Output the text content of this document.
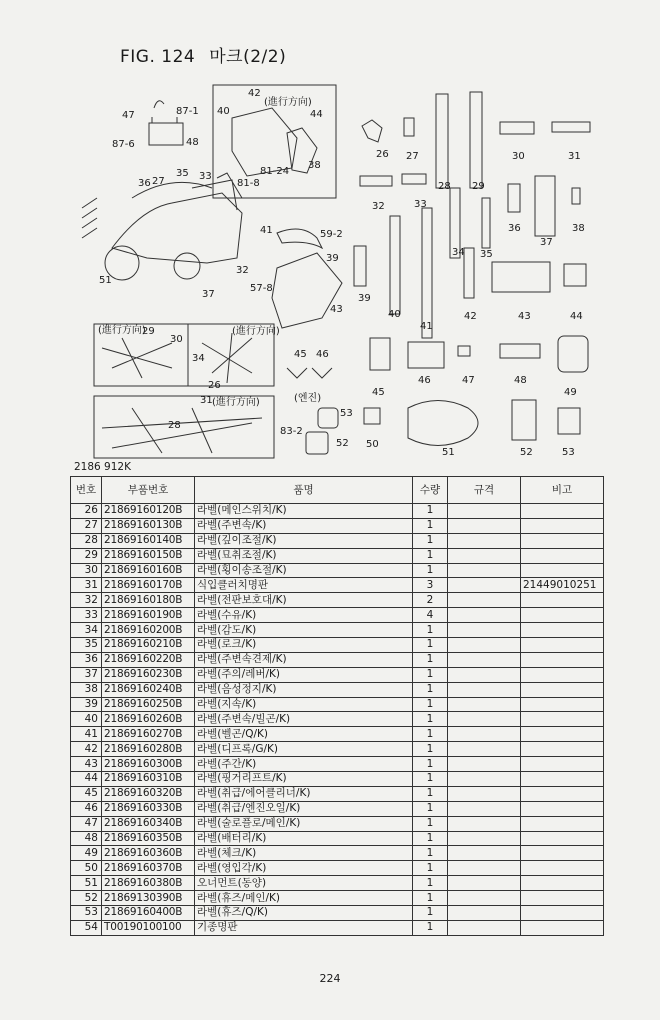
FIG. 124 마크(2/2)
47	87-1
42
(進行方向)
40	44
87-6	48
81-24
38
81-8
36 27
35 33
41	59-2
51
32
37
39
57-8
43
(進行方向)
29
30
(進行方向)
34
26
(進行方向)
28
31
45 46
(엔진)
83-2
53
52
26 27
28 29
30	31
32	33
34 35
36
37
38
39
40
41
42	43	44
45
46	47	48
49
50
51	52	53
2186 912K
번호	부품번호	품명	수량	규격	비고
26	21869160120B	라벨(메인스위치/K)	1		
27	21869160130B	라벨(주변속/K)	1		
28	21869160140B	라벨(깊이조절/K)	1		
29	21869160150B	라벨(묘취조절/K)	1		
30	21869160160B	라벨(횡이송조절/K)	1		
31	21869160170B	식입클러치명판	3		21449010251
32	21869160180B	라벨(전판보호대/K)	2		
33	21869160190B	라벨(수유/K)	4		
34	21869160200B	라벨(감도/K)	1		
35	21869160210B	라벨(로크/K)	1		
36	21869160220B	라벨(주변속견제/K)	1		
37	21869160230B	라벨(주의/레버/K)	1		
38	21869160240B	라벨(음성정지/K)	1		
39	21869160250B	라벨(지속/K)	1		
40	21869160260B	라벨(주변속/빌곤/K)	1		
41	21869160270B	라벨(벨곤/Q/K)	1		
42	21869160280B	라벨(디프록/G/K)	1		
43	21869160300B	라벨(주간/K)	1		
44	21869160310B	라벨(핑거리프트/K)	1		
45	21869160320B	라벨(취급/에어클리너/K)	1		
46	21869160330B	라벨(취급/엔진오일/K)	1		
47	21869160340B	라벨(술로플로/메인/K)	1		
48	21869160350B	라벨(배터리/K)	1		
49	21869160360B	라벨(체크/K)	1		
50	21869160370B	라벨(영입각/K)	1		
51	21869160380B	오너먼트(동양)	1		
52	21869130390B	라벨(휴즈/메인/K)	1		
53	21869160400B	라벨(휴즈/Q/K)	1		
54	T00190100100	기종명판	1		
224
